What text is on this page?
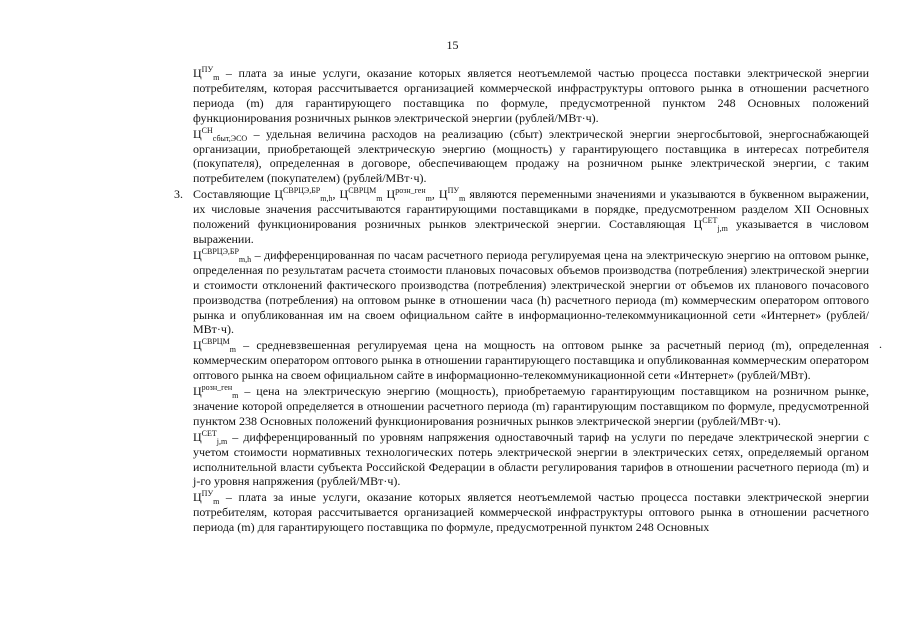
15

$Ц^{ПУ}_m$ – плата за иные услуги, оказание которых является неотъемлемой частью процесса поставки электрической энергии потребителям, которая рассчитывается организацией коммерческой инфраструктуры оптового рынка в отношении расчетного периода (m) для гарантирующего поставщика по формуле, предусмотренной пунктом 248 Основных положений функционирования розничных рынков электрической энергии (рублей/МВт·ч).

$Ц^{СН}_{сбыт,ЭСО}$ – удельная величина расходов на реализацию (сбыт) электрической энергии энергосбытовой, энергоснабжающей организации, приобретающей электрическую энергию (мощность) у гарантирующего поставщика в интересах потребителя (покупателя), определенная в договоре, обеспечивающем продажу на розничном рынке электрической энергии, с таким потребителем (покупателем) (рублей/МВт·ч).

3. Составляющие $Ц^{СВРЦЭ,БР}_{m,h}$, $Ц^{СВРЦМ}_m$ $Ц^{розн\_ген}_m$, $Ц^{ПУ}_m$ являются переменными значениями и указываются в буквенном выражении, их числовые значения рассчитываются гарантирующими поставщиками в порядке, предусмотренном разделом XII Основных положений функционирования розничных рынков электрической энергии. Составляющая $Ц^{СЕТ}_{j,m}$ указывается в числовом выражении.

$Ц^{СВРЦЭ,БР}_{m,h}$ – дифференцированная по часам расчетного периода регулируемая цена на электрическую энергию на оптовом рынке, определенная по результатам расчета стоимости плановых почасовых объемов производства (потребления) электрической энергии и стоимости отклонений фактического производства (потребления) электрической энергии от объемов их планового почасового производства (потребления) на оптовом рынке в отношении часа (h) расчетного периода (m) коммерческим оператором оптового рынка и опубликованная им на своем официальном сайте в информационно-телекоммуникационной сети «Интернет» (рублей/МВт·ч).

$Ц^{СВРЦМ}_m$ – средневзвешенная регулируемая цена на мощность на оптовом рынке за расчетный период (m), определенная коммерческим оператором оптового рынка в отношении гарантирующего поставщика и опубликованная коммерческим оператором оптового рынка на своем официальном сайте в информационно-телекоммуникационной сети «Интернет» (рублей/МВт).

$Ц^{розн\_ген}_m$ – цена на электрическую энергию (мощность), приобретаемую гарантирующим поставщиком на розничном рынке, значение которой определяется в отношении расчетного периода (m) гарантирующим поставщиком по формуле, предусмотренной пунктом 238 Основных положений функционирования розничных рынков электрической энергии (рублей/МВт·ч).

$Ц^{СЕТ}_{j,m}$ – дифференцированный по уровням напряжения одноставочный тариф на услуги по передаче электрической энергии с учетом стоимости нормативных технологических потерь электрической энергии в электрических сетях, определяемый органом исполнительной власти субъекта Российской Федерации в области регулирования тарифов в отношении расчетного периода (m) и j-го уровня напряжения (рублей/МВт·ч).

$Ц^{ПУ}_m$ – плата за иные услуги, оказание которых является неотъемлемой частью процесса поставки электрической энергии потребителям, которая рассчитывается организацией коммерческой инфраструктуры оптового рынка в отношении расчетного периода (m) для гарантирующего поставщика по формуле, предусмотренной пунктом 248 Основных

.
